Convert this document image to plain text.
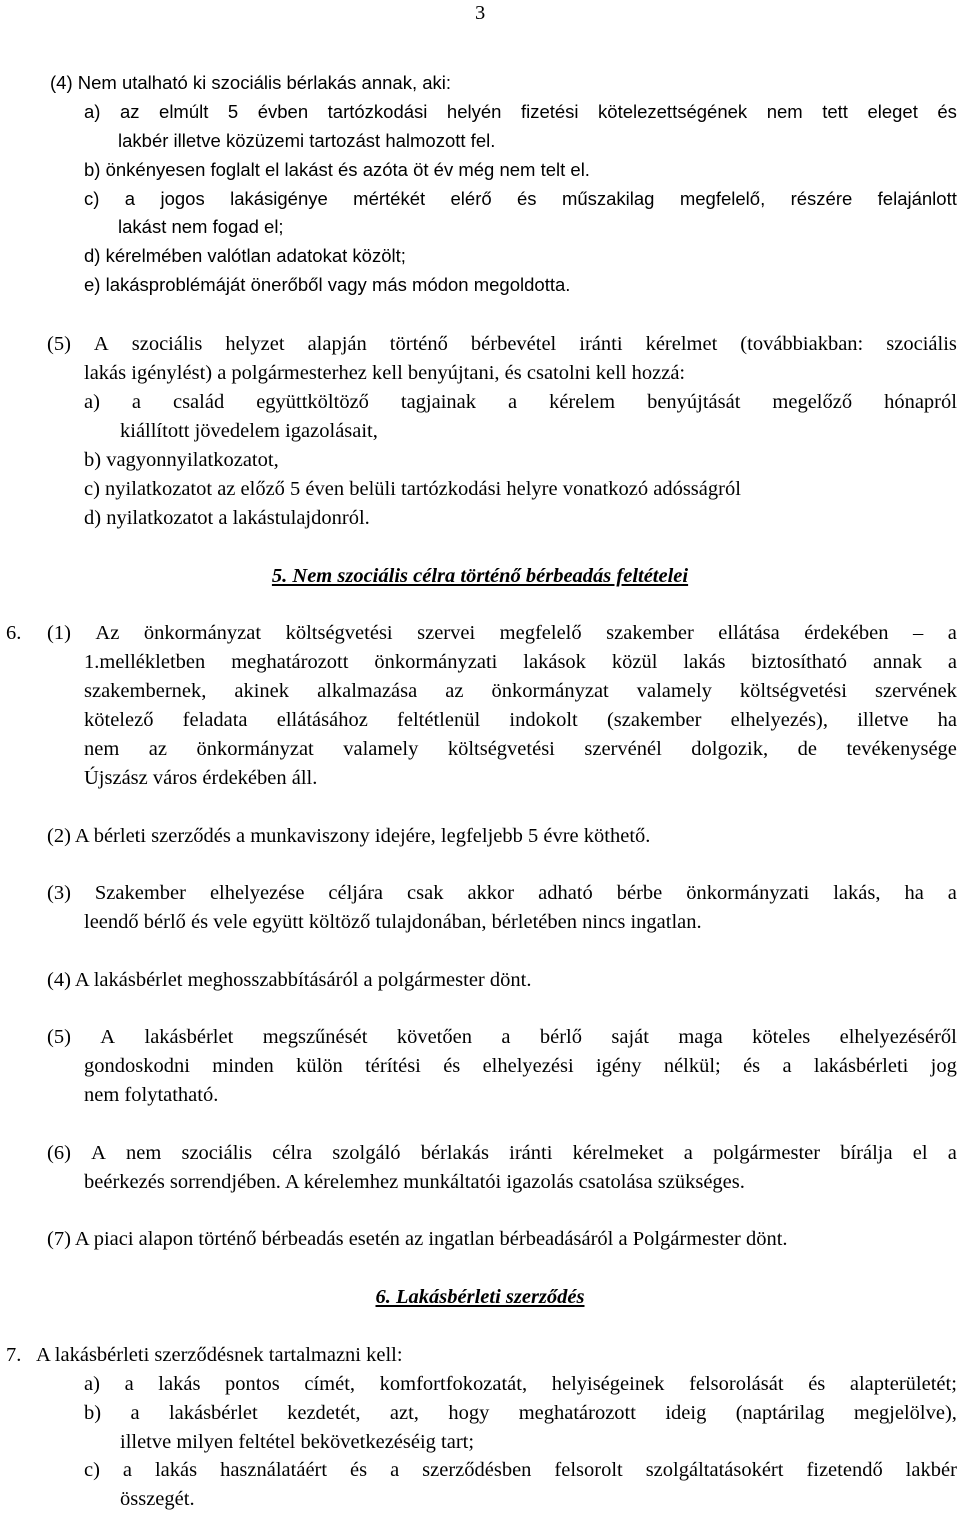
3
(4) Nem utalható ki szociális bérlakás annak, aki:
a) az elmúlt 5 évben tartózkodási helyén fizetési kötelezettségének nem tett eleget és
lakbér illetve közüzemi tartozást halmozott fel.
b) önkényesen foglalt el lakást és azóta öt év még nem telt el.
c) a jogos lakásigénye mértékét elérő és műszakilag megfelelő, részére felajánlott
lakást nem fogad el;
d) kérelmében valótlan adatokat közölt;
e) lakásproblémáját önerőből vagy más módon megoldotta.
(5) A szociális helyzet alapján történő bérbevétel iránti kérelmet (továbbiakban: szociális
lakás igénylést) a polgármesterhez kell benyújtani, és csatolni kell hozzá:
a) a család együttköltöző tagjainak a kérelem benyújtását megelőző hónapról
kiállított jövedelem igazolásait,
b) vagyonnyilatkozatot,
c) nyilatkozatot az előző 5 éven belüli tartózkodási helyre vonatkozó adósságról
d) nyilatkozatot a lakástulajdonról.
5. Nem szociális célra történő bérbeadás feltételei
6. (1) Az önkormányzat költségvetési szervei megfelelő szakember ellátása érdekében – a
1.mellékletben meghatározott önkormányzati lakások közül lakás biztosítható annak a
szakembernek, akinek alkalmazása az önkormányzat valamely költségvetési szervének
kötelező feladata ellátásához feltétlenül indokolt (szakember elhelyezés), illetve ha
nem az önkormányzat valamely költségvetési szervénél dolgozik, de tevékenysége
Újszász város érdekében áll.
(2) A bérleti szerződés a munkaviszony idejére, legfeljebb 5 évre köthető.
(3) Szakember elhelyezése céljára csak akkor adható bérbe önkormányzati lakás, ha a
leendő bérlő és vele együtt költöző tulajdonában, bérletében nincs ingatlan.
(4) A lakásbérlet meghosszabbításáról a polgármester dönt.
(5) A lakásbérlet megszűnését követően a bérlő saját maga köteles elhelyezéséről
gondoskodni minden külön térítési és elhelyezési igény nélkül; és a lakásbérleti jog
nem folytatható.
(6) A nem szociális célra szolgáló bérlakás iránti kérelmeket a polgármester bírálja el a
beérkezés sorrendjében. A kérelemhez munkáltatói igazolás csatolása szükséges.
(7) A piaci alapon történő bérbeadás esetén az ingatlan bérbeadásáról a Polgármester dönt.
6. Lakásbérleti szerződés
7. A lakásbérleti szerződésnek tartalmazni kell:
a) a lakás pontos címét, komfortfokozatát, helyiségeinek felsorolását és alapterületét;
b) a lakásbérlet kezdetét, azt, hogy meghatározott ideig (naptárilag megjelölve),
illetve milyen feltétel bekövetkezéséig tart;
c) a lakás használatáért és a szerződésben felsorolt szolgáltatásokért fizetendő lakbér
összegét.
